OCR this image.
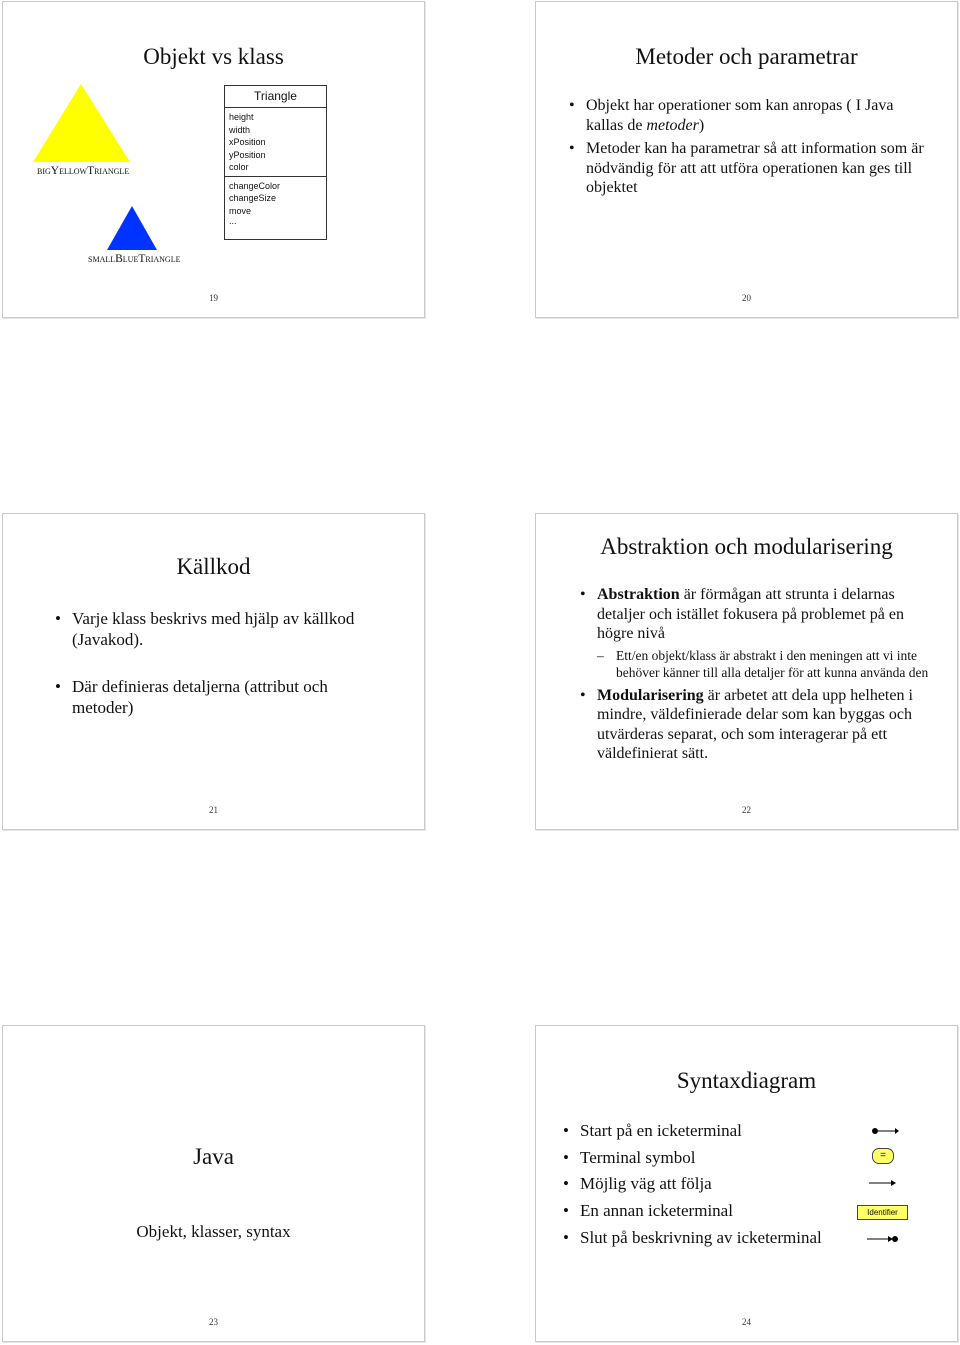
Objekt vs klass
bigYellowTriangle
smallBlueTriangle
Triangle
height
width
xPosition
yPosition
color
changeColor
changeSize
move
...
19
Metoder och parametrar
• Objekt har operationer som kan anropas ( I Java kallas de metoder)
• Metoder kan ha parametrar så att information som är nödvändig för att att utföra operationen kan ges till objektet
20
Källkod
• Varje klass beskrivs med hjälp av källkod (Javakod).
• Där definieras detaljerna (attribut och metoder)
21
Abstraktion och modularisering
• Abstraktion är förmågan att strunta i delarnas detaljer och istället fokusera på problemet på en högre nivå
– Ett/en objekt/klass är abstrakt i den meningen att vi inte behöver känner till alla detaljer för att kunna använda den
• Modularisering är arbetet att dela upp helheten i mindre, väldefinierade delar som kan byggas och utvärderas separat, och som interagerar på ett väldefinierat sätt.
22
Java
Objekt, klasser, syntax
23
Syntaxdiagram
• Start på en icketerminal
• Terminal symbol
• Möjlig väg att följa
• En annan icketerminal
• Slut på beskrivning av icketerminal
=
Identifier
24
